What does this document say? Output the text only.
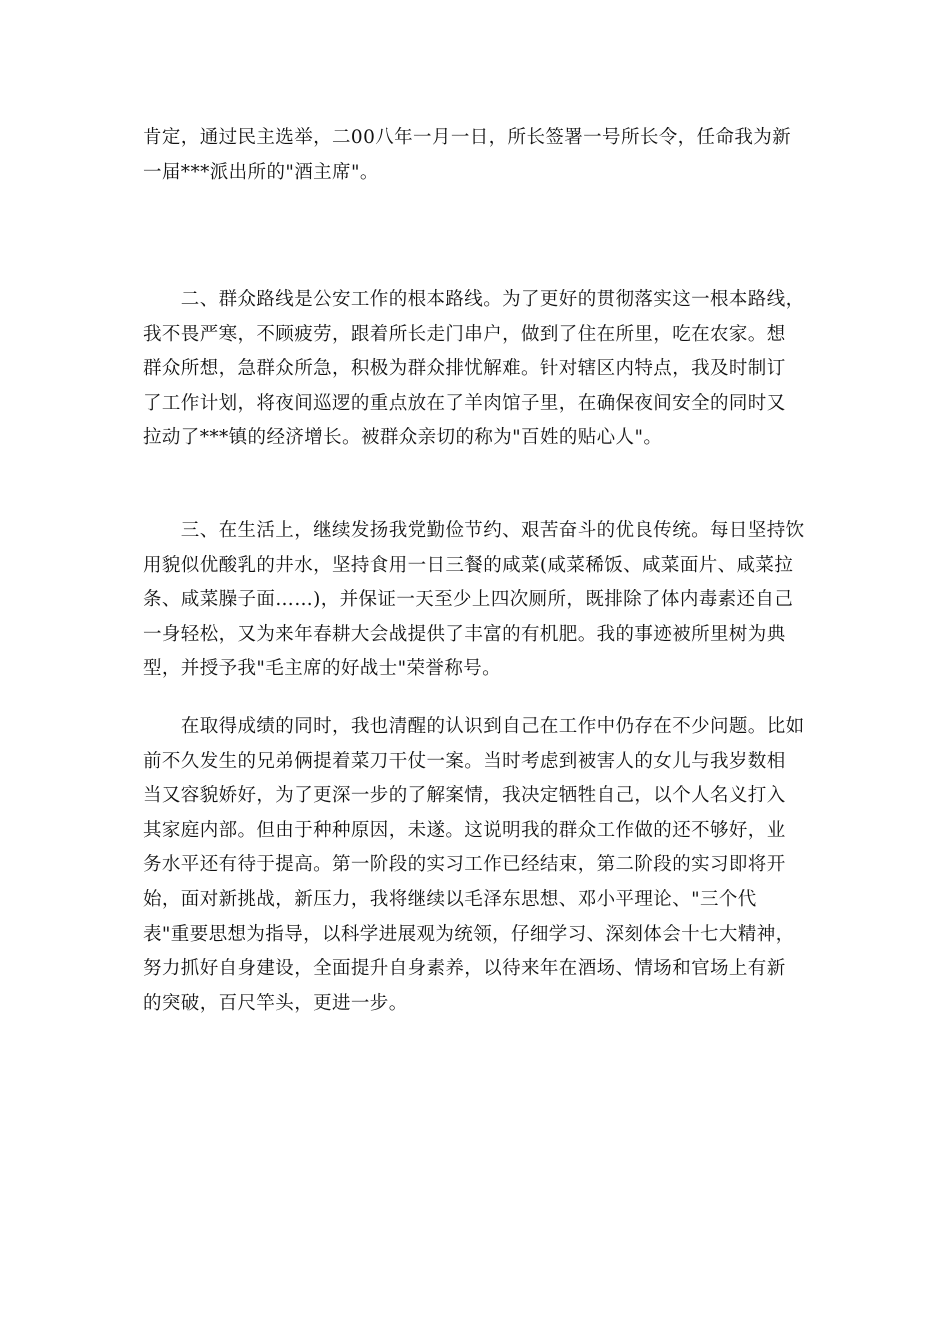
肯定，通过民主选举，二00八年一月一日，所长签署一号所长令，任命我为新
一届***派出所的"酒主席"。

　　二、群众路线是公安工作的根本路线。为了更好的贯彻落实这一根本路线，
我不畏严寒，不顾疲劳，跟着所长走门串户，做到了住在所里，吃在农家。想
群众所想，急群众所急，积极为群众排忧解难。针对辖区内特点，我及时制订
了工作计划，将夜间巡逻的重点放在了羊肉馆子里，在确保夜间安全的同时又
拉动了***镇的经济增长。被群众亲切的称为"百姓的贴心人"。

　　三、在生活上，继续发扬我党勤俭节约、艰苦奋斗的优良传统。每日坚持饮
用貌似优酸乳的井水，坚持食用一日三餐的咸菜(咸菜稀饭、咸菜面片、咸菜拉
条、咸菜臊子面……)，并保证一天至少上四次厕所，既排除了体内毒素还自己
一身轻松，又为来年春耕大会战提供了丰富的有机肥。我的事迹被所里树为典
型，并授予我"毛主席的好战士"荣誉称号。

　　在取得成绩的同时，我也清醒的认识到自己在工作中仍存在不少问题。比如
前不久发生的兄弟俩提着菜刀干仗一案。当时考虑到被害人的女儿与我岁数相
当又容貌娇好，为了更深一步的了解案情，我决定牺牲自己，以个人名义打入
其家庭内部。但由于种种原因，未遂。这说明我的群众工作做的还不够好，业
务水平还有待于提高。第一阶段的实习工作已经结束，第二阶段的实习即将开
始，面对新挑战，新压力，我将继续以毛泽东思想、邓小平理论、"三个代
表"重要思想为指导，以科学进展观为统领，仔细学习、深刻体会十七大精神，
努力抓好自身建设，全面提升自身素养，以待来年在酒场、情场和官场上有新
的突破，百尺竿头，更进一步。
